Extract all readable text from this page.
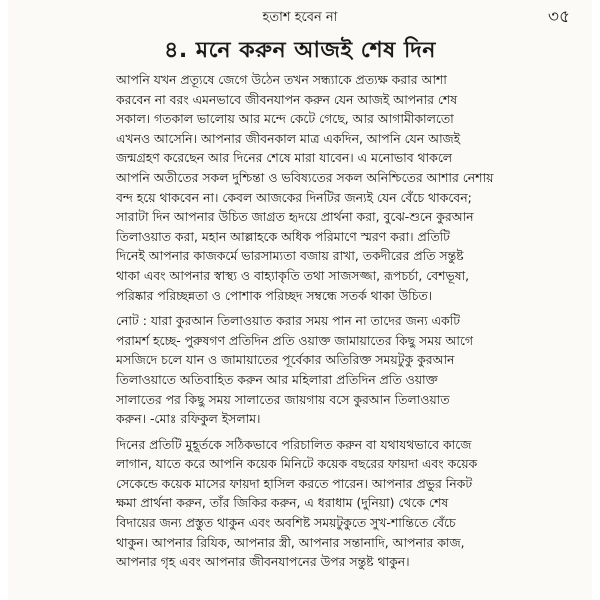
হতাশ হবেন না	৩৫
৪. মনে করুন আজই শেষ দিন
আপনি যখন প্রত্যূষে জেগে উঠেন তখন সন্ধ্যাকে প্রত্যক্ষ করার আশা
করবেন না বরং এমনভাবে জীবনযাপন করুন যেন আজই আপনার শেষ
সকাল। গতকাল ভালোয় আর মন্দে কেটে গেছে, আর আগামীকালতো
এখনও আসেনি। আপনার জীবনকাল মাত্র একদিন, আপনি যেন আজই
জন্মগ্রহণ করেছেন আর দিনের শেষে মারা যাবেন। এ মনোভাব থাকলে
আপনি অতীতের সকল দুশ্চিন্তা ও ভবিষ্যতের সকল অনিশ্চিতের আশার নেশায়
বন্দ হয়ে থাকবেন না। কেবল আজকের দিনটির জন্যই যেন বেঁচে থাকবেন;
সারাটা দিন আপনার উচিত জাগ্রত হৃদয়ে প্রার্থনা করা, বুঝে-শুনে কুরআন
তিলাওয়াত করা, মহান আল্লাহকে অধিক পরিমাণে স্মরণ করা। প্রতিটি
দিনেই আপনার কাজকর্মে ভারসাম্যতা বজায় রাখা, তকদীরের প্রতি সন্তুষ্ট
থাকা এবং আপনার স্বাস্থ্য ও বাহ্যাকৃতি তথা সাজসজ্জা, রূপচর্চা, বেশভূষা,
পরিষ্কার পরিচ্ছন্নতা ও পোশাক পরিচ্ছদ সম্বন্ধে সতর্ক থাকা উচিত।
নোট : যারা কুরআন তিলাওয়াত করার সময় পান না তাদের জন্য একটি
পরামর্শ হচ্ছে- পুরুষগণ প্রতিদিন প্রতি ওয়াক্ত জামায়াতের কিছু সময় আগে
মসজিদে চলে যান ও জামায়াতের পূর্বেকার অতিরিক্ত সময়টুকু কুরআন
তিলাওয়াতে অতিবাহিত করুন আর মহিলারা প্রতিদিন প্রতি ওয়াক্ত
সালাতের পর কিছু সময় সালাতের জায়গায় বসে কুরআন তিলাওয়াত
করুন। -মোঃ রফিকুল ইসলাম।
দিনের প্রতিটি মুহূর্তকে সঠিকভাবে পরিচালিত করুন বা যথাযথভাবে কাজে
লাগান, যাতে করে আপনি কয়েক মিনিটে কয়েক বছরের ফায়দা এবং কয়েক
সেকেন্ডে কয়েক মাসের ফায়দা হাসিল করতে পারেন। আপনার প্রভুর নিকট
ক্ষমা প্রার্থনা করুন, তাঁর জিকির করুন, এ ধরাধাম (দুনিয়া) থেকে শেষ
বিদায়ের জন্য প্রস্তুত থাকুন এবং অবশিষ্ট সময়টুকুতে সুখ-শান্তিতে বেঁচে
থাকুন। আপনার রিযিক, আপনার স্ত্রী, আপনার সন্তানাদি, আপনার কাজ,
আপনার গৃহ এবং আপনার জীবনযাপনের উপর সন্তুষ্ট থাকুন।
